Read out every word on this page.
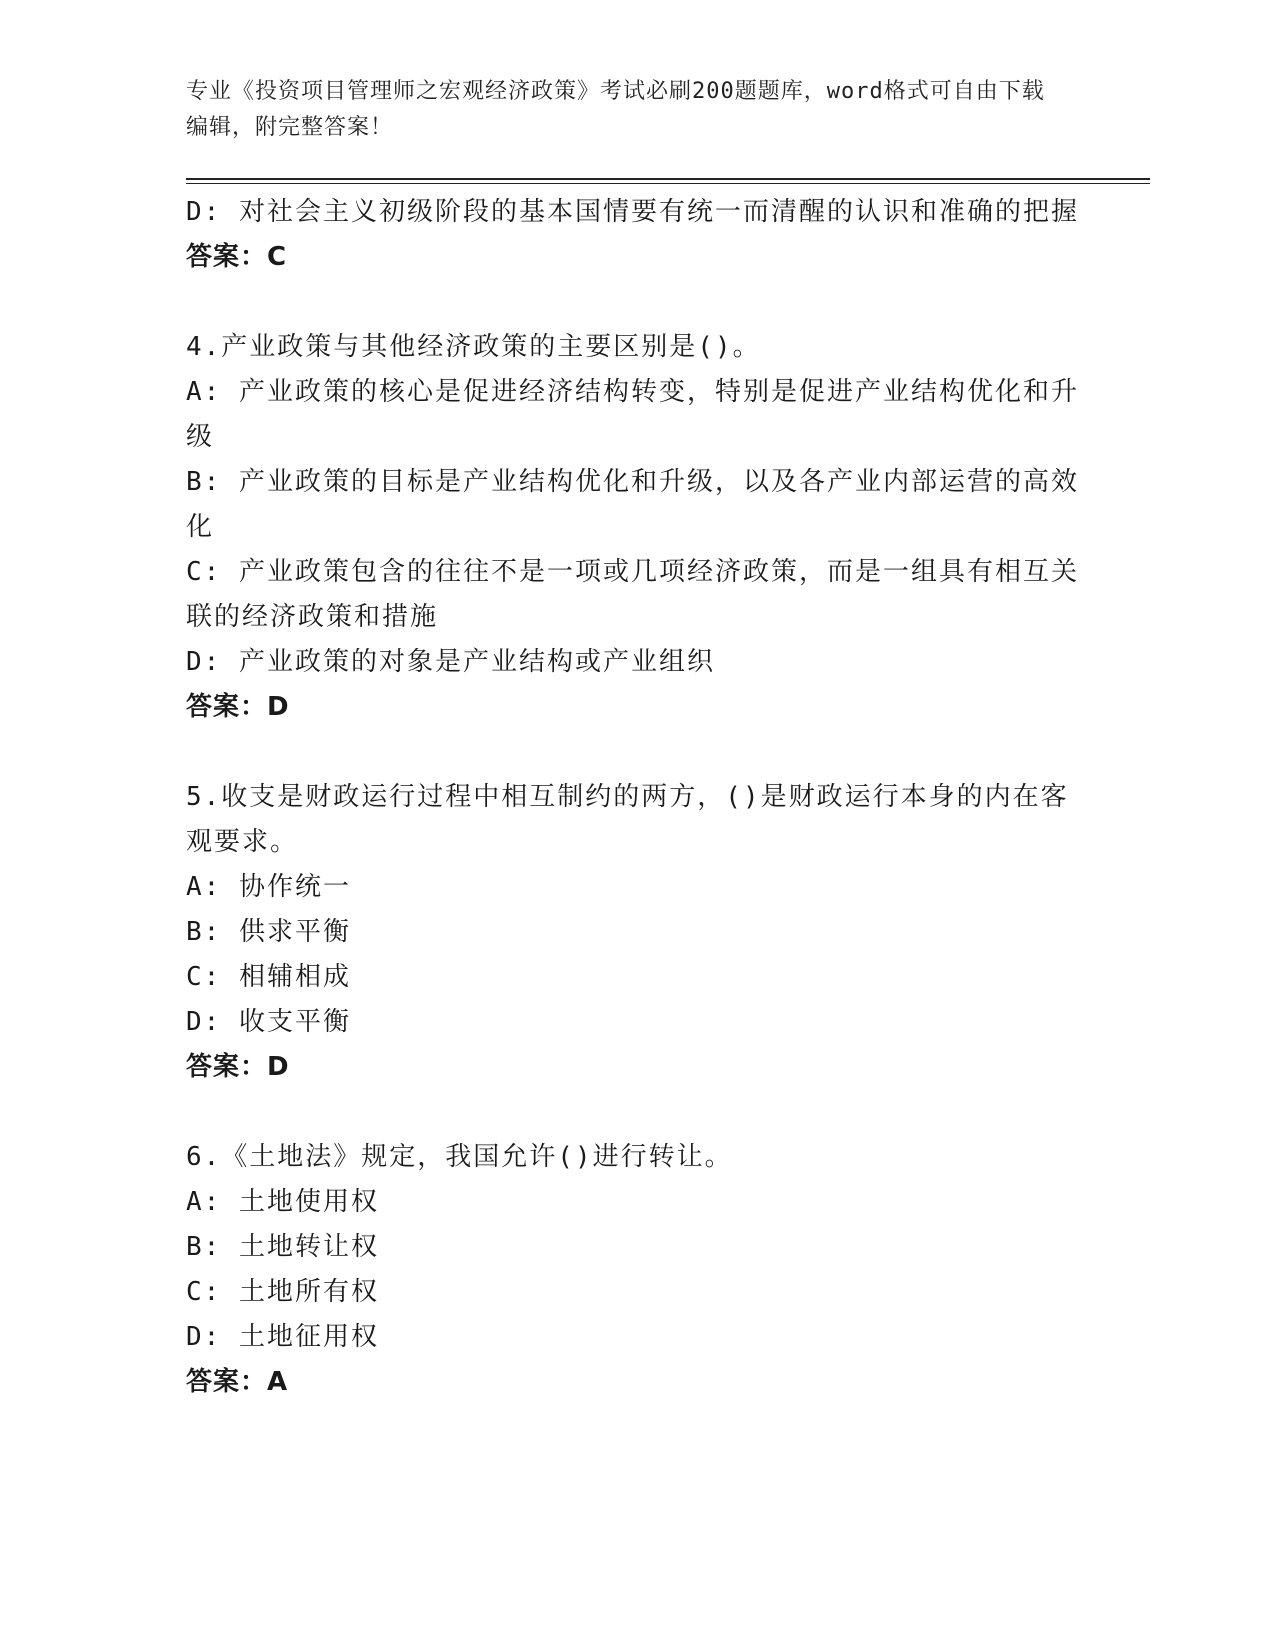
专业《投资项目管理师之宏观经济政策》考试必刷200题题库，word格式可自由下载编辑，附完整答案！
D: 对社会主义初级阶段的基本国情要有统一而清醒的认识和准确的把握
答案：C
4.产业政策与其他经济政策的主要区别是()。
A: 产业政策的核心是促进经济结构转变，特别是促进产业结构优化和升级
B: 产业政策的目标是产业结构优化和升级，以及各产业内部运营的高效化
C: 产业政策包含的往往不是一项或几项经济政策，而是一组具有相互关联的经济政策和措施
D: 产业政策的对象是产业结构或产业组织
答案：D
5.收支是财政运行过程中相互制约的两方，()是财政运行本身的内在客观要求。
A: 协作统一
B: 供求平衡
C: 相辅相成
D: 收支平衡
答案：D
6.《土地法》规定，我国允许()进行转让。
A: 土地使用权
B: 土地转让权
C: 土地所有权
D: 土地征用权
答案：A
